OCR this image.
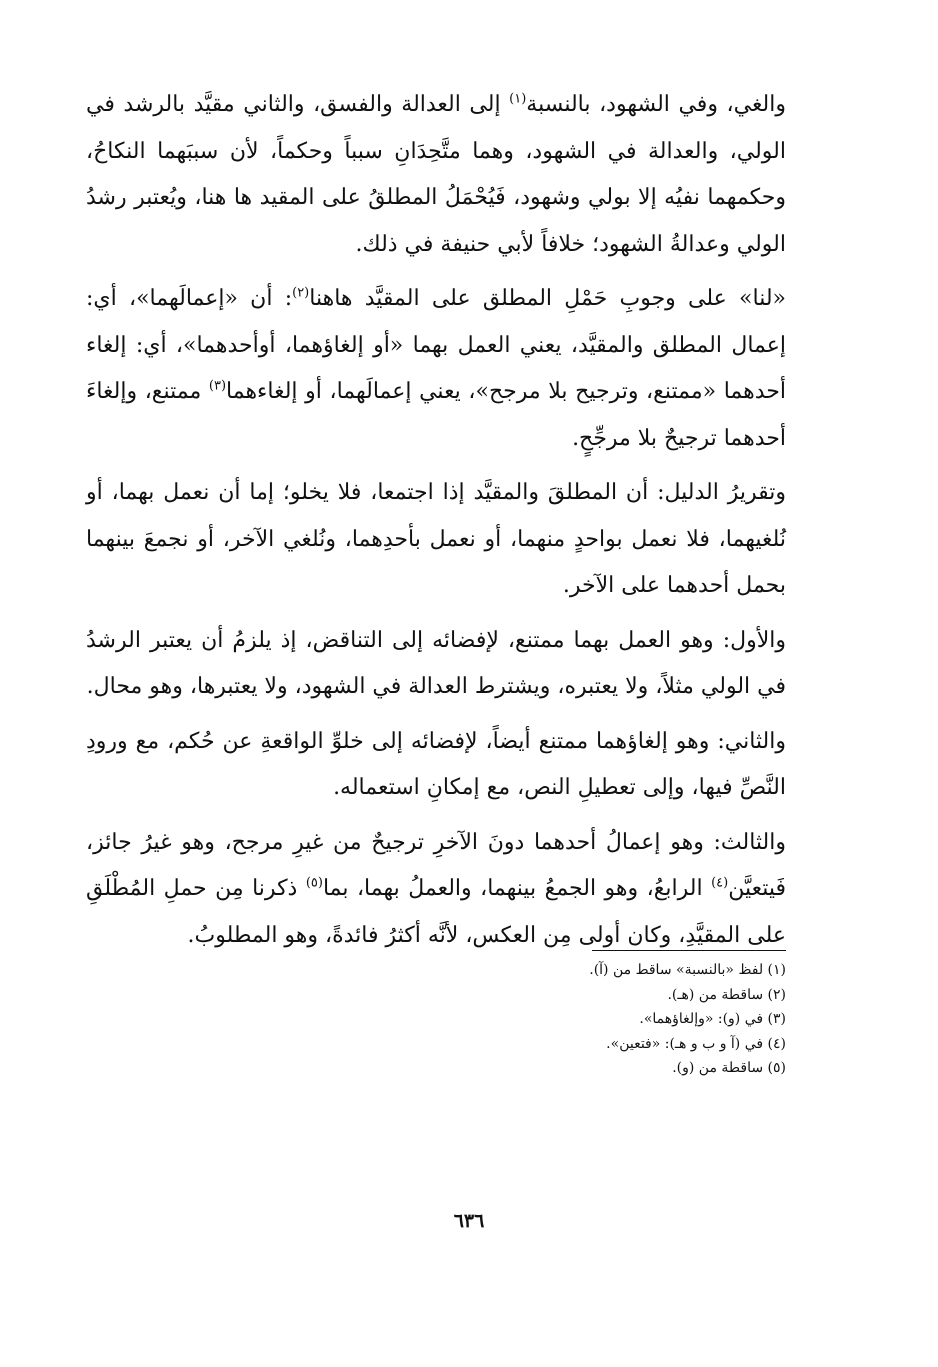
والغي، وفي الشهود، بالنسبة$^{(١)}$ إلى العدالة والفسق، والثاني مقيَّد بالرشد في الولي، والعدالة في الشهود، وهما متَّحِدَانِ سبباً وحكماً، لأن سببَهما النكاحُ، وحكمهما نفيُه إلا بولي وشهود، فَيُحْمَلُ المطلقُ على المقيد ها هنا، ويُعتبر رشدُ الولي وعدالةُ الشهود؛ خلافاً لأبي حنيفة في ذلك.

«لنا» على وجوبِ حَمْلِ المطلق على المقيَّد هاهنا$^{(٢)}$: أن «إعمالَهما»، أي: إعمال المطلق والمقيَّد، يعني العمل بهما «أو إلغاؤهما، أوأحدهما»، أي: إلغاء أحدهما «ممتنع، وترجيح بلا مرجح»، يعني إعمالَهما، أو إلغاءهما$^{(٣)}$ ممتنع، وإلغاءَ أحدهما ترجيحٌ بلا مرجِّحٍ.

وتقريرُ الدليل: أن المطلقَ والمقيَّد إذا اجتمعا، فلا يخلو؛ إما أن نعمل بهما، أو نُلغيهما، فلا نعمل بواحدٍ منهما، أو نعمل بأحدِهما، ونُلغي الآخر، أو نجمعَ بينهما بحمل أحدهما على الآخر.

والأول: وهو العمل بهما ممتنع، لإفضائه إلى التناقض، إذ يلزمُ أن يعتبر الرشدُ في الولي مثلاً، ولا يعتبره، ويشترط العدالة في الشهود، ولا يعتبرها، وهو محال.

والثاني: وهو إلغاؤهما ممتنع أيضاً، لإفضائه إلى خلوِّ الواقعةِ عن حُكم، مع ورودِ النَّصِّ فيها، وإلى تعطيلِ النص، مع إمكانِ استعماله.

والثالث: وهو إعمالُ أحدهما دونَ الآخرِ ترجيحٌ من غيرِ مرجح، وهو غيرُ جائز، فَيتعيَّن$^{(٤)}$ الرابعُ، وهو الجمعُ بينهما، والعملُ بهما، بما$^{(٥)}$ ذكرنا مِن حملِ المُطْلَقِ على المقيَّدِ، وكان أولى مِن العكس، لأنَّه أكثرُ فائدةً، وهو المطلوبُ.

(١) لفظ «بالنسبة» ساقط من (آ).

(٢) ساقطة من (هـ).

(٣) في (و): «وإلغاؤهما».

(٤) في (آ و ب و هـ): «فتعين».

(٥) ساقطة من (و).

٦٣٦
